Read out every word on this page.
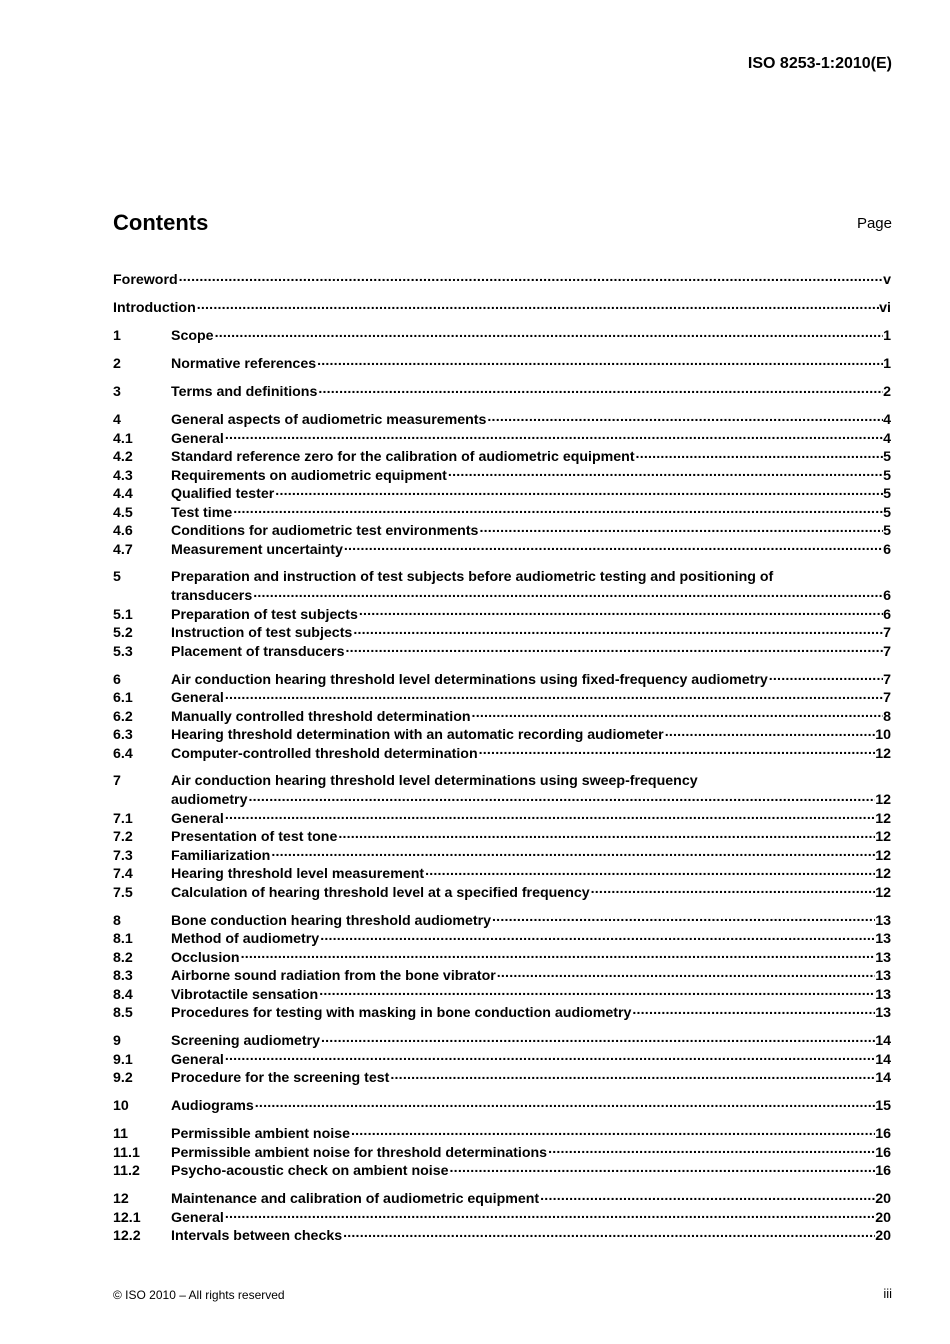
ISO 8253-1:2010(E)
Contents	Page
Foreword .....	v
Introduction .....	vi
1	Scope .....	1
2	Normative references .....	1
3	Terms and definitions .....	2
4	General aspects of audiometric measurements .....	4
4.1	General .....	4
4.2	Standard reference zero for the calibration of audiometric equipment .....	5
4.3	Requirements on audiometric equipment .....	5
4.4	Qualified tester .....	5
4.5	Test time .....	5
4.6	Conditions for audiometric test environments .....	5
4.7	Measurement uncertainty .....	6
5	Preparation and instruction of test subjects before audiometric testing and positioning of
transducers .....	6
5.1	Preparation of test subjects .....	6
5.2	Instruction of test subjects .....	7
5.3	Placement of transducers .....	7
6	Air conduction hearing threshold level determinations using fixed-frequency audiometry .....	7
6.1	General .....	7
6.2	Manually controlled threshold determination .....	8
6.3	Hearing threshold determination with an automatic recording audiometer .....	10
6.4	Computer-controlled threshold determination .....	12
7	Air conduction hearing threshold level determinations using sweep-frequency
audiometry .....	12
7.1	General .....	12
7.2	Presentation of test tone .....	12
7.3	Familiarization .....	12
7.4	Hearing threshold level measurement .....	12
7.5	Calculation of hearing threshold level at a specified frequency .....	12
8	Bone conduction hearing threshold audiometry .....	13
8.1	Method of audiometry .....	13
8.2	Occlusion .....	13
8.3	Airborne sound radiation from the bone vibrator .....	13
8.4	Vibrotactile sensation .....	13
8.5	Procedures for testing with masking in bone conduction audiometry .....	13
9	Screening audiometry .....	14
9.1	General .....	14
9.2	Procedure for the screening test .....	14
10	Audiograms .....	15
11	Permissible ambient noise .....	16
11.1	Permissible ambient noise for threshold determinations .....	16
11.2	Psycho-acoustic check on ambient noise .....	16
12	Maintenance and calibration of audiometric equipment .....	20
12.1	General .....	20
12.2	Intervals between checks .....	20
© ISO 2010 – All rights reserved	iii
